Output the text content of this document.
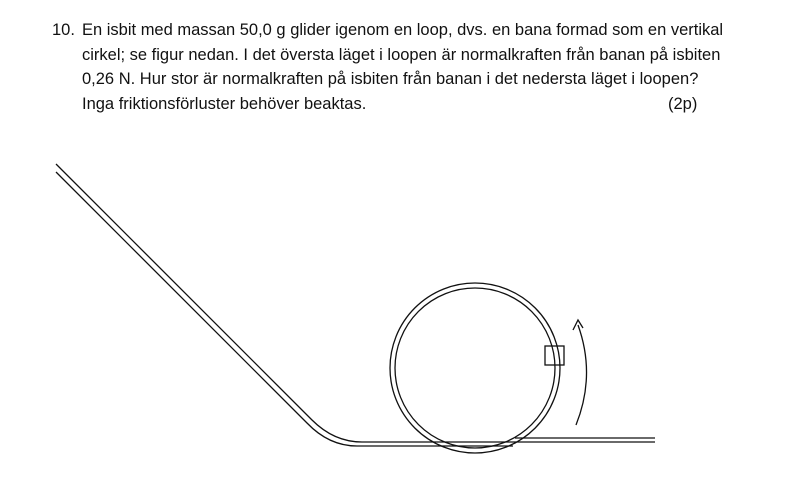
10. En isbit med massan 50,0 g glider igenom en loop, dvs. en bana formad som en vertikal
cirkel; se figur nedan. I det översta läget i loopen är normalkraften från banan på isbiten
0,26 N. Hur stor är normalkraften på isbiten från banan i det nedersta läget i loopen?
Inga friktionsförluster behöver beaktas.	(2p)
